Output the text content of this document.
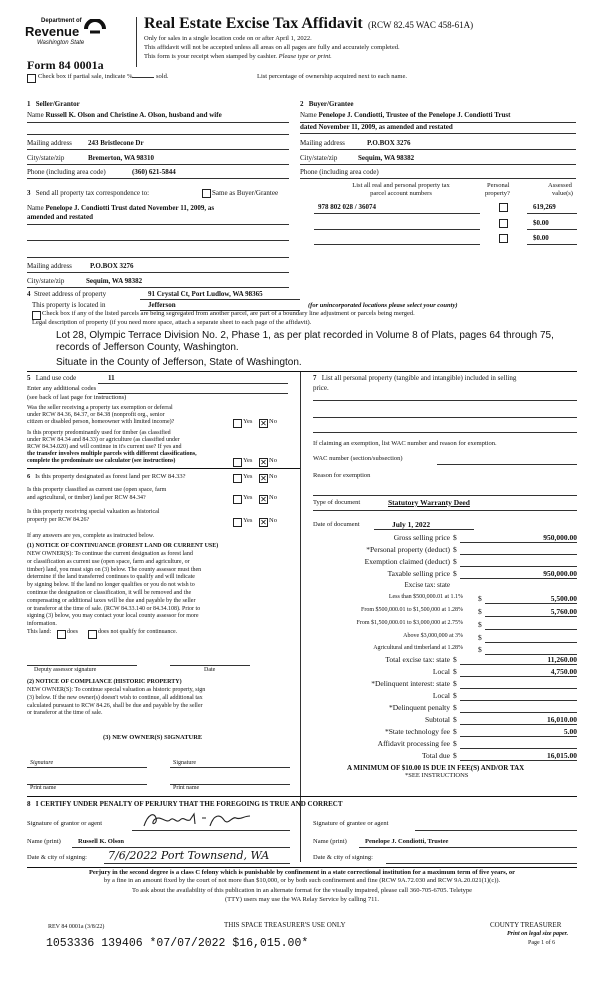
Department of
Revenue
Washington State
Form 84 0001a
Real Estate Excise Tax Affidavit (RCW 82.45 WAC 458-61A)
Only for sales in a single location code on or after April 1, 2022.
This affidavit will not be accepted unless all areas on all pages are fully and accurately completed.
This form is your receipt when stamped by cashier. Please type or print.
Check box if partial sale, indicate %	sold.	List percentage of ownership acquired next to each name.
1 Seller/Grantor
Name Russell K. Olson and Christine A. Olson, husband and wife
Mailing address 243 Bristlecone Dr
City/state/zip	Bremerton, WA 98310
Phone (including area code)	(360) 621-5844
2 Buyer/Grantee
Name Penelope J. Condiotti, Trustee of the Penelope J. Condiotti Trust
dated November 11, 2009, as amended and restated
Mailing address	P.O.BOX 3276
City/state/zip	Sequim, WA 98382
Phone (including area code)
3 Send all property tax correspondence to:	Same as Buyer/Grantee
Name Penelope J. Condiotti Trust dated November 11, 2009, as
amended and restated
Mailing address	P.O.BOX 3276
City/state/zip	Sequim, WA 98382
List all real and personal property tax
parcel account numbers
Personal
property?
Assessed
value(s)
978 802 028 / 36074	619,269
$0.00
$0.00
4 Street address of property	91 Crystal Ct, Port Ludlow, WA 98365
This property is located in	Jefferson	(for unincorporated locations please select your county)
Check box if any of the listed parcels are being segregated from another parcel, are part of a boundary line adjustment or parcels being merged.
Legal description of property (if you need more space, attach a separate sheet to each page of the affidavit).
Lot 28, Olympic Terrace Division No. 2, Phase 1, as per plat recorded in Volume 8 of Plats, pages 64 through 75,
records of Jefferson County, Washington.
Situate in the County of Jefferson, State of Washington.
5 Land use code	11
Enter any additional codes
(see back of last page for instructions)
Was the seller receiving a property tax exemption or deferral
under RCW 84.36, 84.37, or 84.38 (nonprofit org., senior
citizen or disabled person, homeowner with limited income)?	Yes ✕ No
Is this property predominantly used for timber (as classified
under RCW 84.34 and 84.33) or agriculture (as classified under
RCW 84.34.020) and will continue in it's current use? If yes and
the transfer involves multiple parcels with different classifications,
complete the predominate use calculator (see instructions)	Yes ✕ No
6 Is this property designated as forest land per RCW 84.33?	Yes ✕ No
Is this property classified as current use (open space, farm
and agricultural, or timber) land per RCW 84.34?	Yes ✕ No
Is this property receiving special valuation as historical
property per RCW 84.26?	Yes ✕ No
If any answers are yes, complete as instructed below.
(1) NOTICE OF CONTINUANCE (FOREST LAND OR CURRENT USE)
NEW OWNER(S): To continue the current designation as forest land
or classification as current use (open space, farm and agriculture, or
timber) land, you must sign on (3) below. The county assessor must then
determine if the land transferred continues to qualify and will indicate
by signing below. If the land no longer qualifies or you do not wish to
continue the designation or classification, it will be removed and the
compensating or additional taxes will be due and payable by the seller
or transferor at the time of sale. (RCW 84.33.140 or 84.34.108). Prior to
signing (3) below, you may contact your local county assessor for more
information.
This land:	does	does not qualify for continuance.
Deputy assessor signature	Date
(2) NOTICE OF COMPLIANCE (HISTORIC PROPERTY)
NEW OWNER(S): To continue special valuation as historic property, sign
(3) below. If the new owner(s) doesn't wish to continue, all additional tax
calculated pursuant to RCW 84.26, shall be due and payable by the seller
or transferor at the time of sale.
(3) NEW OWNER(S) SIGNATURE
Signature	Signature
Print name	Print name
7 List all personal property (tangible and intangible) included in selling
price.
If claiming an exemption, list WAC number and reason for exemption.
WAC number (section/subsection)
Reason for exemption
Type of document	Statutory Warranty Deed
Date of document	July 1, 2022
Gross selling price $	950,000.00
*Personal property (deduct) $
Exemption claimed (deduct) $
Taxable selling price $	950,000.00
Excise tax: state
Less than $500,000.01 at 1.1% $	5,500.00
From $500,000.01 to $1,500,000 at 1.28% $	5,760.00
From $1,500,000.01 to $3,000,000 at 2.75% $
Above $3,000,000 at 3% $
Agricultural and timberland at 1.28% $
Total excise tax: state $	11,260.00
Local $	4,750.00
*Delinquent interest: state $
Local $
*Delinquent penalty $
Subtotal $	16,010.00
*State technology fee $	5.00
Affidavit processing fee $
Total due $	16,015.00
A MINIMUM OF $10.00 IS DUE IN FEE(S) AND/OR TAX
*SEE INSTRUCTIONS
8 I CERTIFY UNDER PENALTY OF PERJURY THAT THE FOREGOING IS TRUE AND CORRECT
Signature of grantor or agent	Signature of grantee or agent
Name (print)	Russell K. Olson	Name (print)	Penelope J. Condiotti, Trustee
Date & city of signing: 7/6/2022 Port Townsend, WA	Date & city of signing:
Perjury in the second degree is a class C felony which is punishable by confinement in a state correctional institution for a maximum term of five years, or
by a fine in an amount fixed by the court of not more than $10,000, or by both such confinement and fine (RCW 9A.72.030 and RCW 9A.20.021(1)(c)).
To ask about the availability of this publication in an alternate format for the visually impaired, please call 360-705-6705. Teletype
(TTY) users may use the WA Relay Service by calling 711.
REV 84 0001a (3/8/22)	THIS SPACE TREASURER'S USE ONLY	COUNTY TREASURER
Print on legal size paper.
Page 1 of 6
1053336 139406 *07/07/2022 $16,015.00*
